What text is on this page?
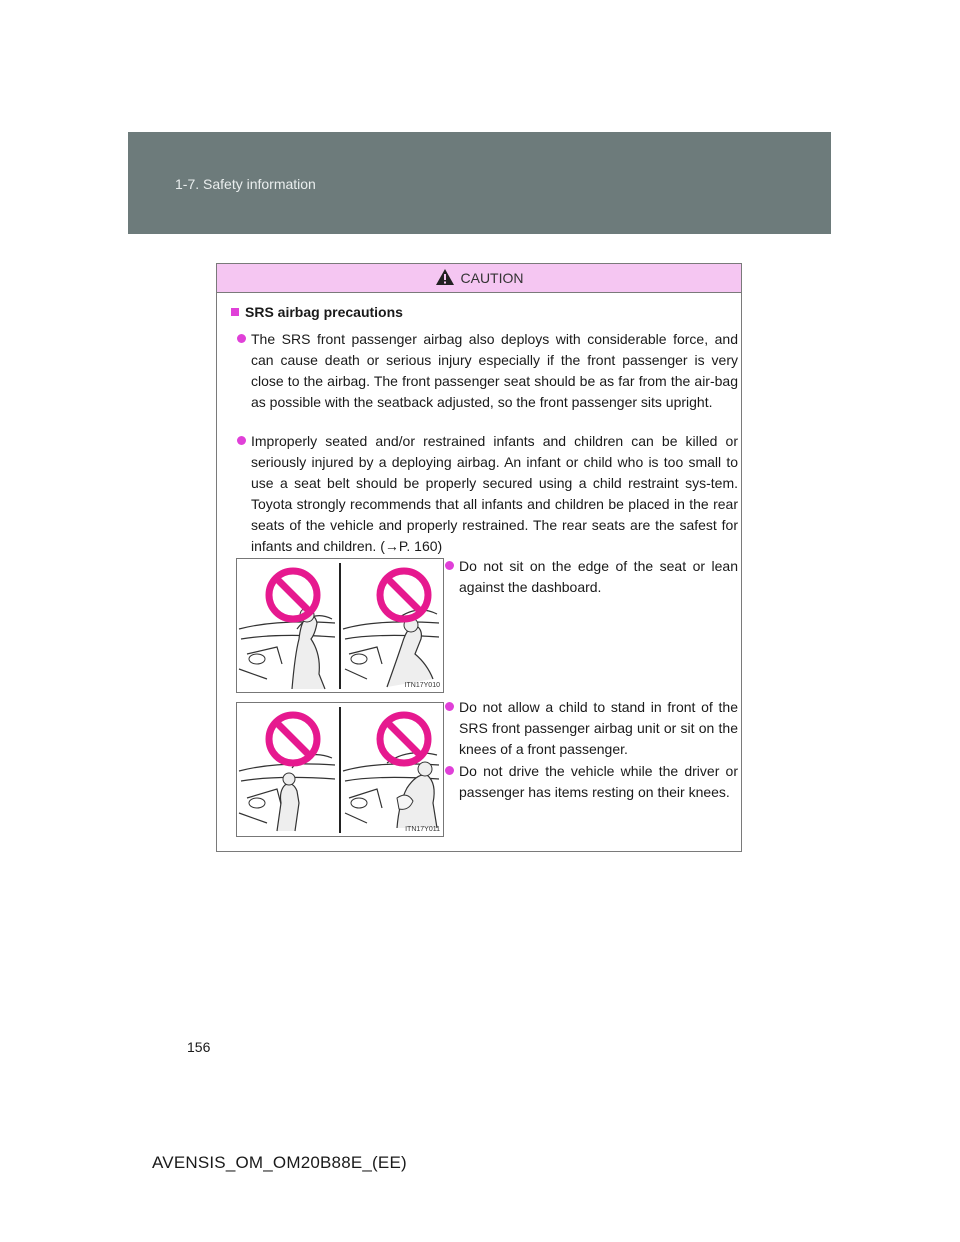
1-7. Safety information
CAUTION
SRS airbag precautions
The SRS front passenger airbag also deploys with considerable force, and can cause death or serious injury especially if the front passenger is very close to the airbag. The front passenger seat should be as far from the air-bag as possible with the seatback adjusted, so the front passenger sits upright.
Improperly seated and/or restrained infants and children can be killed or seriously injured by a deploying airbag. An infant or child who is too small to use a seat belt should be properly secured using a child restraint sys-tem. Toyota strongly recommends that all infants and children be placed in the rear seats of the vehicle and properly restrained. The rear seats are the safest for infants and children. (→P. 160)
ITN17Y010
Do not sit on the edge of the seat or lean against the dashboard.
ITN17Y011
Do not allow a child to stand in front of the SRS front passenger airbag unit or sit on the knees of a front passenger.
Do not drive the vehicle while the driver or passenger has items resting on their knees.
156
AVENSIS_OM_OM20B88E_(EE)
